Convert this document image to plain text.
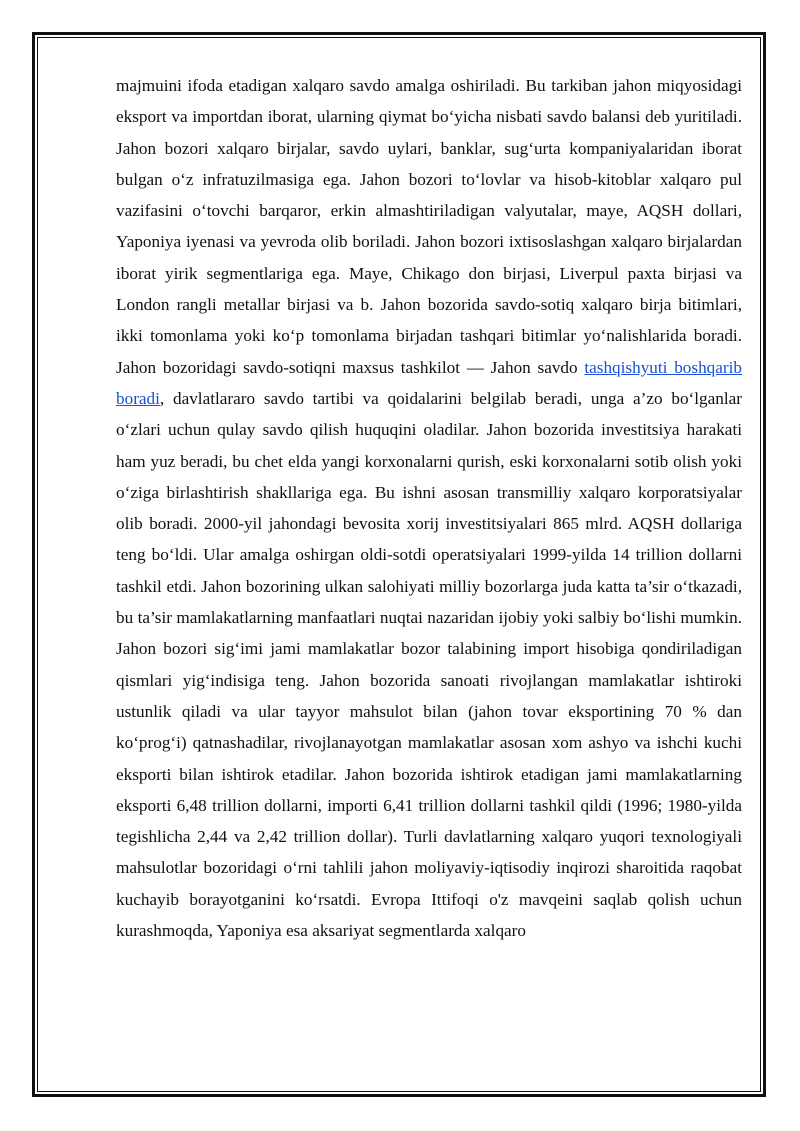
majmuini ifoda etadigan xalqaro savdo amalga oshiriladi. Bu tarkiban jahon miqyosidagi eksport va importdan iborat, ularning qiymat bo‘yicha nisbati savdo balansi deb yuritiladi. Jahon bozori xalqaro birjalar, savdo uylari, banklar, sug‘urta kompaniyalaridan iborat bulgan o‘z infratuzilmasiga ega. Jahon bozori to‘lovlar va hisob-kitoblar xalqaro pul vazifasini o‘tovchi barqaror, erkin almashtiriladigan valyutalar, maye, AQSH dollari, Yaponiya iyenasi va yevroda olib boriladi. Jahon bozori ixtisoslashgan xalqaro birjalardan iborat yirik segmentlariga ega. Maye, Chikago don birjasi, Liverpul paxta birjasi va London rangli metallar birjasi va b. Jahon bozorida savdo-sotiq xalqaro birja bitimlari, ikki tomonlama yoki ko‘p tomonlama birjadan tashqari bitimlar yo‘nalishlarida boradi. Jahon bozoridagi savdo-sotiqni maxsus tashkilot — Jahon savdo tashqishyuti boshqarib boradi, davlatlararo savdo tartibi va qoidalarini belgilab beradi, unga a’zo bo‘lganlar o‘zlari uchun qulay savdo qilish huquqini oladilar. Jahon bozorida investitsiya harakati ham yuz beradi, bu chet elda yangi korxonalarni qurish, eski korxonalarni sotib olish yoki o‘ziga birlashtirish shakllariga ega. Bu ishni asosan transmilliy xalqaro korporatsiyalar olib boradi. 2000-yil jahondagi bevosita xorij investitsiyalari 865 mlrd. AQSH dollariga teng bo‘ldi. Ular amalga oshirgan oldi-sotdi operatsiyalari 1999-yilda 14 trillion dollarni tashkil etdi. Jahon bozorining ulkan salohiyati milliy bozorlarga juda katta ta’sir o‘tkazadi, bu ta’sir mamlakatlarning manfaatlari nuqtai nazaridan ijobiy yoki salbiy bo‘lishi mumkin. Jahon bozori sig‘imi jami mamlakatlar bozor talabining import hisobiga qondiriladigan qismlari yig‘indisiga teng. Jahon bozorida sanoati rivojlangan mamlakatlar ishtiroki ustunlik qiladi va ular tayyor mahsulot bilan (jahon tovar eksportining 70 % dan ko‘prog‘i) qatnashadilar, rivojlanayotgan mamlakatlar asosan xom ashyo va ishchi kuchi eksporti bilan ishtirok etadilar. Jahon bozorida ishtirok etadigan jami mamlakatlarning eksporti 6,48 trillion dollarni, importi 6,41 trillion dollarni tashkil qildi (1996; 1980-yilda tegishlicha 2,44 va 2,42 trillion dollar). Turli davlatlarning xalqaro yuqori texnologiyali mahsulotlar bozoridagi o‘rni tahlili jahon moliyaviy-iqtisodiy inqirozi sharoitida raqobat kuchayib borayotganini ko‘rsatdi. Evropa Ittifoqi o'z mavqeini saqlab qolish uchun kurashmoqda, Yaponiya esa aksariyat segmentlarda xalqaro
